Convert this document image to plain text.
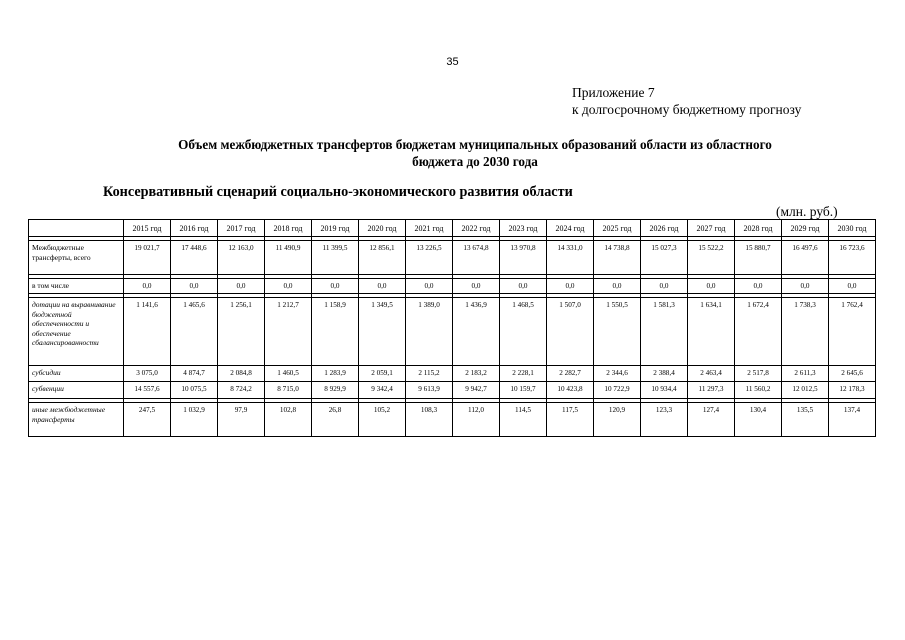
35
Приложение 7
к долгосрочному бюджетному прогнозу
Объем межбюджетных трансфертов бюджетам муниципальных образований области из областного
бюджета до 2030 года
Консервативный сценарий социально-экономического развития области
(млн. руб.)
	2015 год	2016 год	2017 год	2018 год	2019 год	2020 год	2021 год	2022 год	2023 год	2024 год	2025 год	2026 год	2027 год	2028 год	2029 год	2030 год

Межбюджетные трансферты, всего	19 021,7	17 448,6	12 163,0	11 490,9	11 399,5	12 856,1	13 226,5	13 674,8	13 970,8	14 331,0	14 738,8	15 027,3	15 522,2	15 880,7	16 497,6	16 723,6

в том числе	0,0	0,0	0,0	0,0	0,0	0,0	0,0	0,0	0,0	0,0	0,0	0,0	0,0	0,0	0,0	0,0

дотации на выравнивание бюджетной обеспеченности и обеспечение сбалансированности	1 141,6	1 465,6	1 256,1	1 212,7	1 158,9	1 349,5	1 389,0	1 436,9	1 468,5	1 507,0	1 550,5	1 581,3	1 634,1	1 672,4	1 738,3	1 762,4
субсидии	3 075,0	4 874,7	2 084,8	1 460,5	1 283,9	2 059,1	2 115,2	2 183,2	2 228,1	2 282,7	2 344,6	2 388,4	2 463,4	2 517,8	2 611,3	2 645,6
субвенции	14 557,6	10 075,5	8 724,2	8 715,0	8 929,9	9 342,4	9 613,9	9 942,7	10 159,7	10 423,8	10 722,9	10 934,4	11 297,3	11 560,2	12 012,5	12 178,3

иные межбюджетные трансферты	247,5	1 032,9	97,9	102,8	26,8	105,2	108,3	112,0	114,5	117,5	120,9	123,3	127,4	130,4	135,5	137,4
